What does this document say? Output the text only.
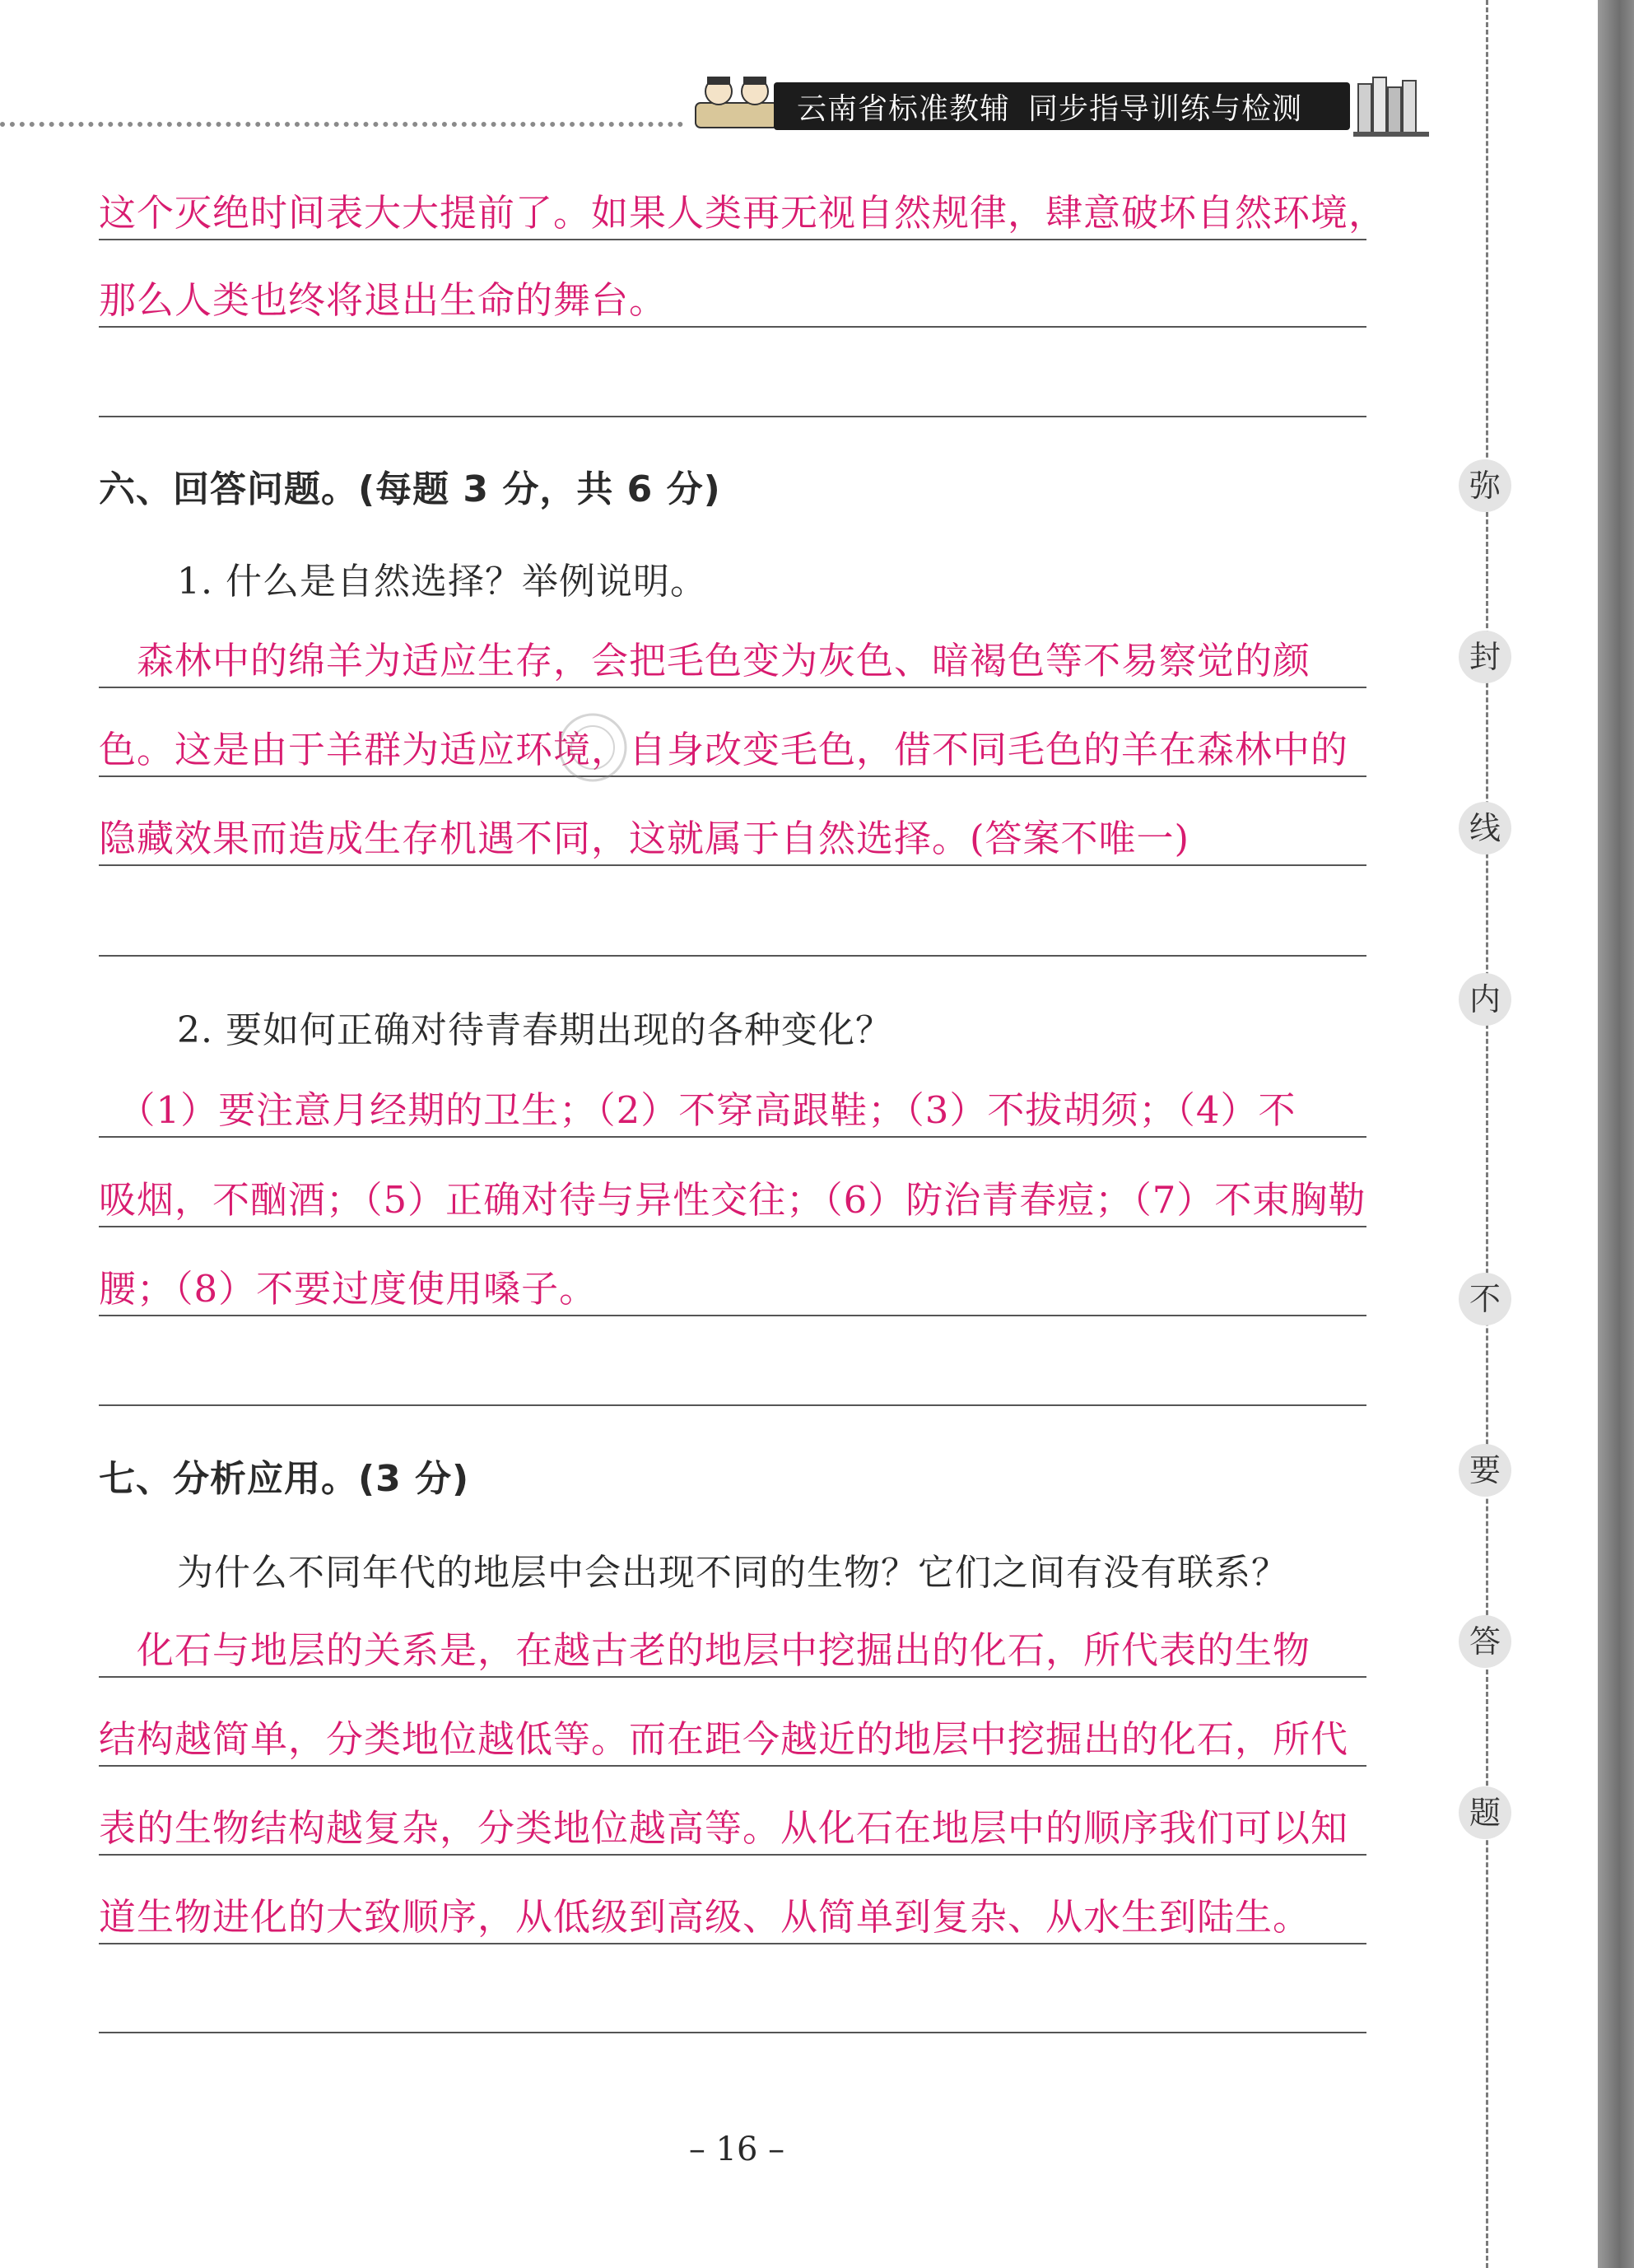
云南省标准教辅 同步指导训练与检测
弥
封
线
内
不
要
答
题
这个灭绝时间表大大提前了。如果人类再无视自然规律，肆意破坏自然环境，
那么人类也终将退出生命的舞台。
六、回答问题。(每题 3 分，共 6 分)
1. 什么是自然选择？举例说明。
　森林中的绵羊为适应生存，会把毛色变为灰色、暗褐色等不易察觉的颜
色。这是由于羊群为适应环境，自身改变毛色，借不同毛色的羊在森林中的
隐藏效果而造成生存机遇不同，这就属于自然选择。(答案不唯一)
2. 要如何正确对待青春期出现的各种变化？
　（1）要注意月经期的卫生；（2）不穿高跟鞋；（3）不拔胡须；（4）不
吸烟，不酗酒；（5）正确对待与异性交往；（6）防治青春痘；（7）不束胸勒
腰；（8）不要过度使用嗓子。
七、分析应用。(3 分)
为什么不同年代的地层中会出现不同的生物？它们之间有没有联系？
　化石与地层的关系是，在越古老的地层中挖掘出的化石，所代表的生物
结构越简单，分类地位越低等。而在距今越近的地层中挖掘出的化石，所代
表的生物结构越复杂，分类地位越高等。从化石在地层中的顺序我们可以知
道生物进化的大致顺序，从低级到高级、从简单到复杂、从水生到陆生。
– 16 –
